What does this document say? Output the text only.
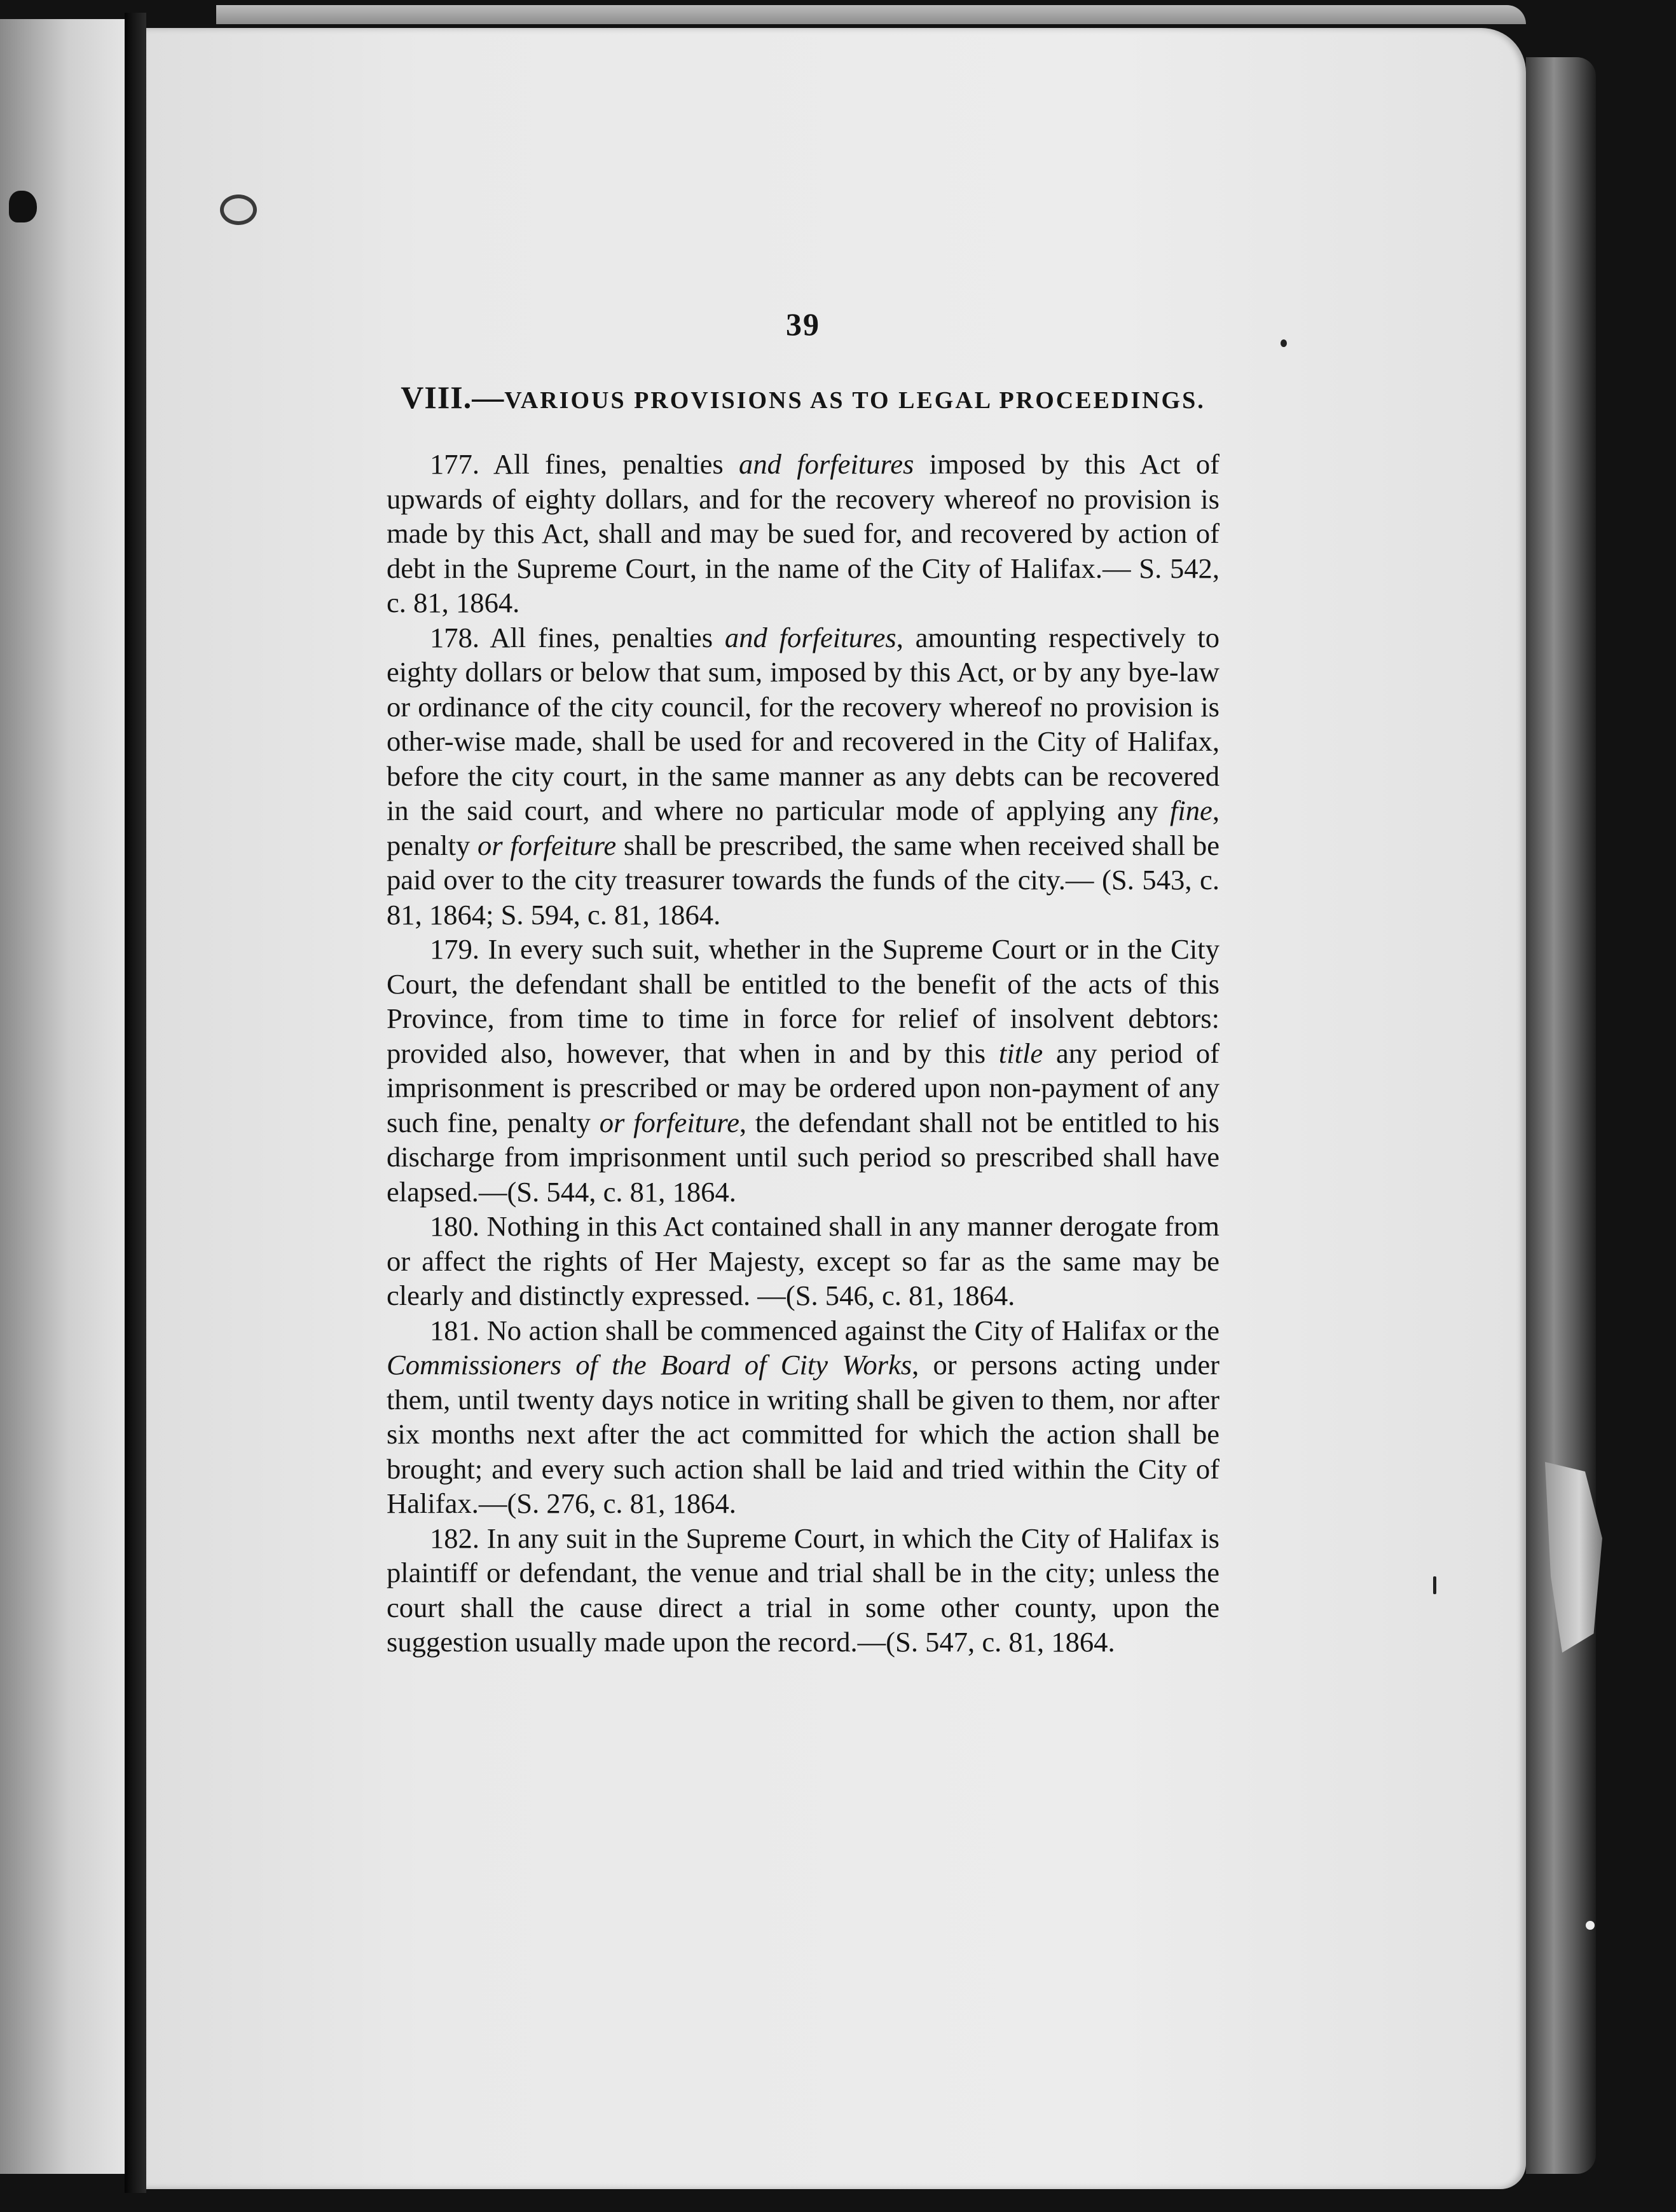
39
VIII.—VARIOUS PROVISIONS AS TO LEGAL PROCEEDINGS.

177. All fines, penalties and forfeitures imposed by this Act of upwards of eighty dollars, and for the recovery whereof no provision is made by this Act, shall and may be sued for, and recovered by action of debt in the Supreme Court, in the name of the City of Halifax.— S. 542, c. 81, 1864.

178. All fines, penalties and forfeitures, amounting respectively to eighty dollars or below that sum, imposed by this Act, or by any bye-law or ordinance of the city council, for the recovery whereof no provision is other-wise made, shall be used for and recovered in the City of Halifax, before the city court, in the same manner as any debts can be recovered in the said court, and where no particular mode of applying any fine, penalty or forfeiture shall be prescribed, the same when received shall be paid over to the city treasurer towards the funds of the city.— (S. 543, c. 81, 1864; S. 594, c. 81, 1864.

179. In every such suit, whether in the Supreme Court or in the City Court, the defendant shall be entitled to the benefit of the acts of this Province, from time to time in force for relief of insolvent debtors: provided also, however, that when in and by this title any period of imprisonment is prescribed or may be ordered upon non-payment of any such fine, penalty or forfeiture, the defendant shall not be entitled to his discharge from imprisonment until such period so prescribed shall have elapsed.—(S. 544, c. 81, 1864.

180. Nothing in this Act contained shall in any manner derogate from or affect the rights of Her Majesty, except so far as the same may be clearly and distinctly expressed. —(S. 546, c. 81, 1864.

181. No action shall be commenced against the City of Halifax or the Commissioners of the Board of City Works, or persons acting under them, until twenty days notice in writing shall be given to them, nor after six months next after the act committed for which the action shall be brought; and every such action shall be laid and tried within the City of Halifax.—(S. 276, c. 81, 1864.

182. In any suit in the Supreme Court, in which the City of Halifax is plaintiff or defendant, the venue and trial shall be in the city; unless the court shall the cause direct a trial in some other county, upon the suggestion usually made upon the record.—(S. 547, c. 81, 1864.
